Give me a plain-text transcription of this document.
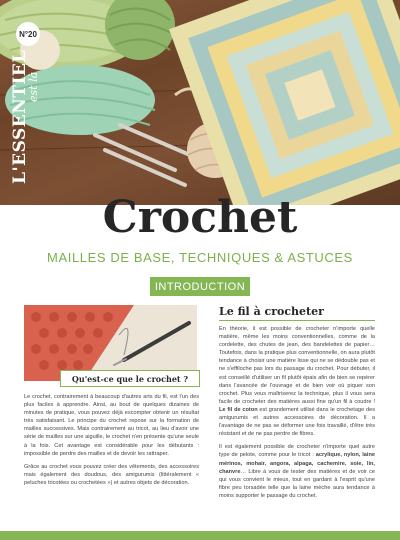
N°20
L'ESSENTIEL
est là
Crochet
MAILLES DE BASE, TECHNIQUES & ASTUCES
INTRODUCTION
Qu'est-ce que le crochet ?

Le crochet, contrairement à beaucoup d'autres arts du fil, est l'un des plus faciles à apprendre. Ainsi, au bout de quelques dizaines de minutes de pratique, vous pouvez déjà escompter obtenir un résultat très satisfaisant. Le principe du crochet repose sur la formation de mailles successives. Mais contrairement au tricot, au lieu d'avoir une série de mailles sur une aiguille, le crochet n'en présente qu'une seule à la fois. Cet avantage est considérable pour les débutants : impossible de perdre des mailles et de devoir les rattraper.

Grâce au crochet vous pouvez créer des vêtements, des accessoires mais également des doudous, des amigurumis (littéralement « peluches tricotées ou crochetées ») et autres objets de décoration.

Le fil à crocheter

En théorie, il est possible de crocheter n'importe quelle matière, même les moins conventionnelles, comme de la cordelette, des chutes de jean, des bandelettes de papier… Toutefois, dans la pratique plus conventionnelle, on aura plutôt tendance à choisir une matière lisse qui ne se dédouble pas et ne s'effiloche pas lors du passage du crochet. Pour débuter, il est conseillé d'utiliser un fil plutôt épais afin de bien se repérer dans l'avancée de l'ouvrage et de bien voir où piquer son crochet. Plus vous maîtriserez la technique, plus il vous sera facile de crocheter des matières aussi fine qu'un fil à coudre ! Le fil de coton est grandement utilisé dans le crochetage des amigurumis et autres accessoires de décoration. Il a l'avantage de ne pas se déformer une fois travaillé, d'être très résistant et de ne pas perdre de fibres.

Il est également possible de crocheter n'importe quel autre type de pelote, comme pour le tricot : acrylique, nylon, laine mérinos, mohair, angora, alpaga, cachemire, soie, lin, chanvre… Libre à vous de tester des matières et de voir ce qui vous convient le mieux, tout en gardant à l'esprit qu'une fibre peu torsadée telle que la laine mèche aura tendance à moins supporter le passage du crochet.
